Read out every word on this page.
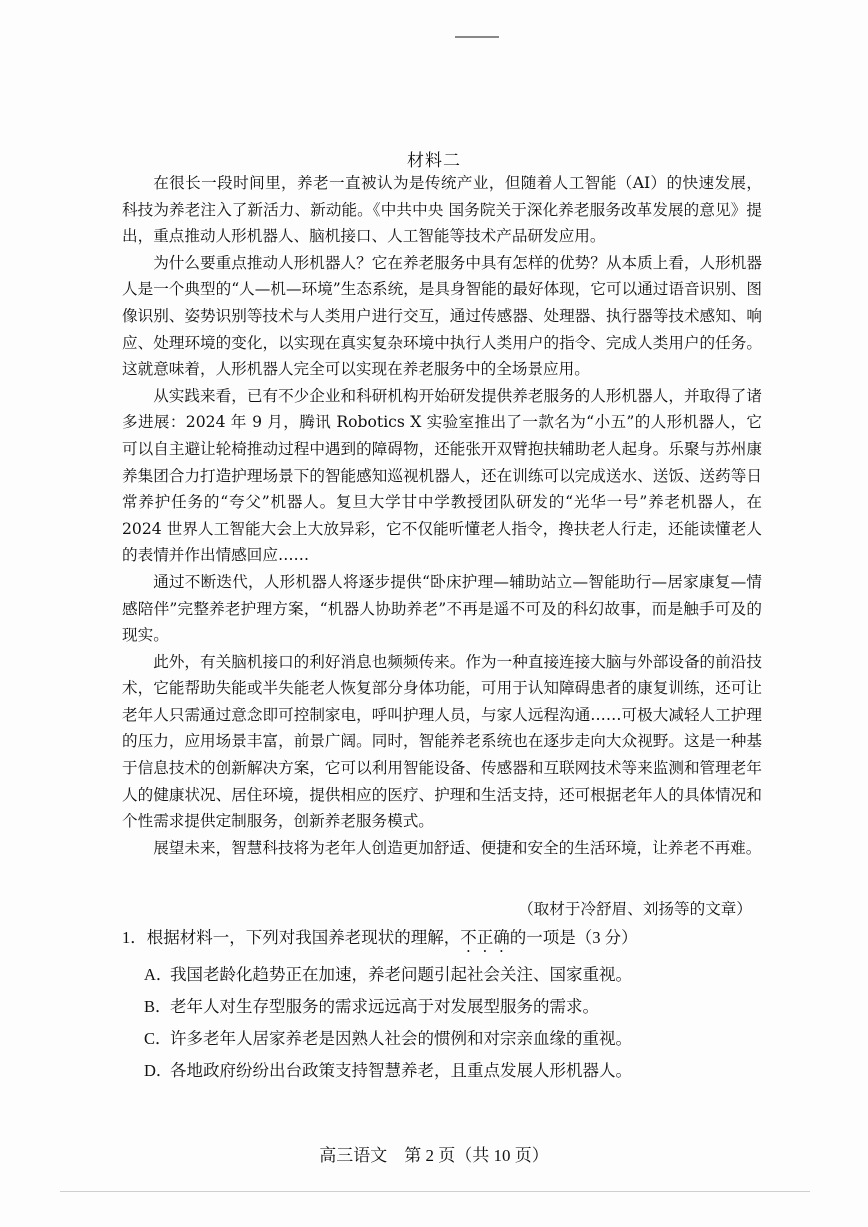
材料二

在很长一段时间里，养老一直被认为是传统产业，但随着人工智能（AI）的快速发展，科技为养老注入了新活力、新动能。《中共中央 国务院关于深化养老服务改革发展的意见》提出，重点推动人形机器人、脑机接口、人工智能等技术产品研发应用。

为什么要重点推动人形机器人？它在养老服务中具有怎样的优势？从本质上看，人形机器人是一个典型的“人—机—环境”生态系统，是具身智能的最好体现，它可以通过语音识别、图像识别、姿势识别等技术与人类用户进行交互，通过传感器、处理器、执行器等技术感知、响应、处理环境的变化，以实现在真实复杂环境中执行人类用户的指令、完成人类用户的任务。这就意味着，人形机器人完全可以实现在养老服务中的全场景应用。

从实践来看，已有不少企业和科研机构开始研发提供养老服务的人形机器人，并取得了诸多进展：2024 年 9 月，腾讯 Robotics X 实验室推出了一款名为“小五”的人形机器人，它可以自主避让轮椅推动过程中遇到的障碍物，还能张开双臂抱扶辅助老人起身。乐聚与苏州康养集团合力打造护理场景下的智能感知巡视机器人，还在训练可以完成送水、送饭、送药等日常养护任务的“夸父”机器人。复旦大学甘中学教授团队研发的“光华一号”养老机器人，在 2024 世界人工智能大会上大放异彩，它不仅能听懂老人指令，搀扶老人行走，还能读懂老人的表情并作出情感回应……

通过不断迭代，人形机器人将逐步提供“卧床护理—辅助站立—智能助行—居家康复—情感陪伴”完整养老护理方案，“机器人协助养老”不再是遥不可及的科幻故事，而是触手可及的现实。

此外，有关脑机接口的利好消息也频频传来。作为一种直接连接大脑与外部设备的前沿技术，它能帮助失能或半失能老人恢复部分身体功能，可用于认知障碍患者的康复训练，还可让老年人只需通过意念即可控制家电，呼叫护理人员，与家人远程沟通……可极大减轻人工护理的压力，应用场景丰富，前景广阔。同时，智能养老系统也在逐步走向大众视野。这是一种基于信息技术的创新解决方案，它可以利用智能设备、传感器和互联网技术等来监测和管理老年人的健康状况、居住环境，提供相应的医疗、护理和生活支持，还可根据老年人的具体情况和个性需求提供定制服务，创新养老服务模式。

展望未来，智慧科技将为老年人创造更加舒适、便捷和安全的生活环境，让养老不再难。

（取材于冷舒眉、刘扬等的文章）
1．根据材料一，下列对我国养老现状的理解，不正确的一项是（3 分）
A．我国老龄化趋势正在加速，养老问题引起社会关注、国家重视。
B．老年人对生存型服务的需求远远高于对发展型服务的需求。
C．许多老年人居家养老是因熟人社会的惯例和对宗亲血缘的重视。
D．各地政府纷纷出台政策支持智慧养老，且重点发展人形机器人。
高三语文　第 2 页（共 10 页）
